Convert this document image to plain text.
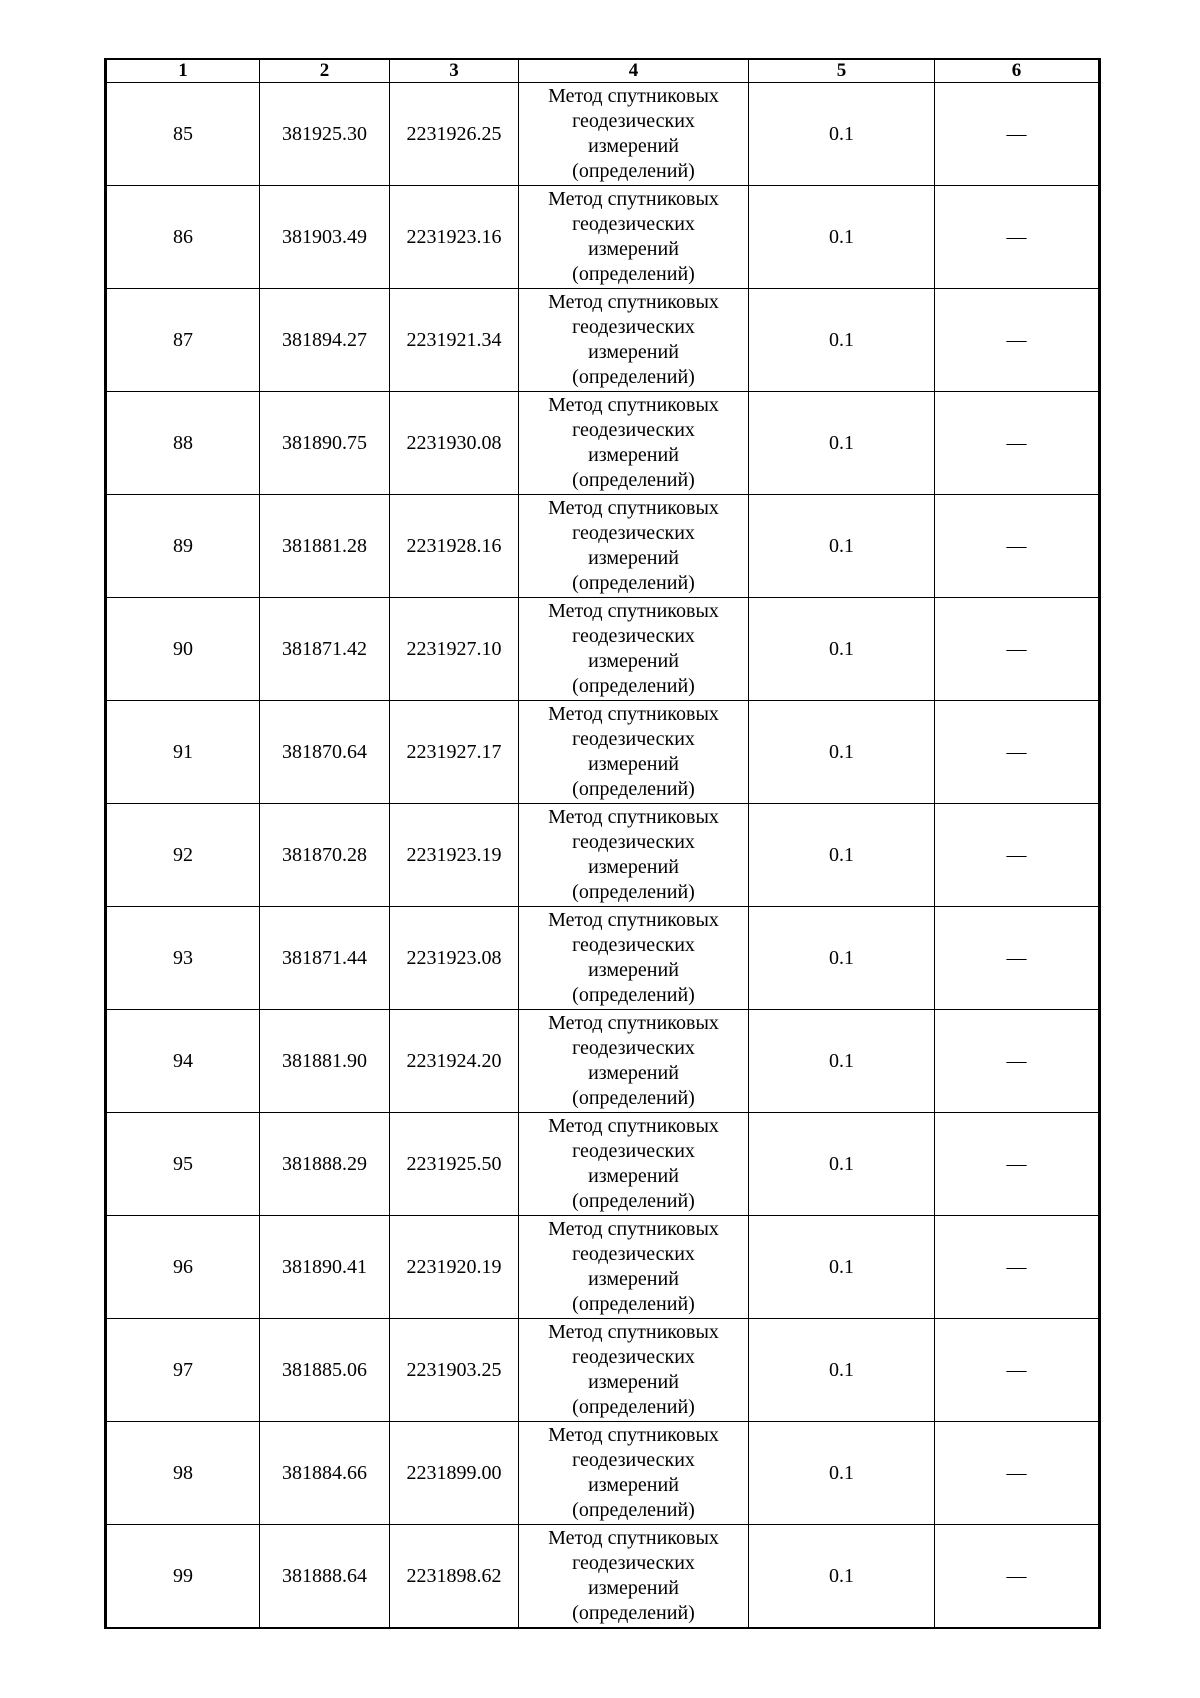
1	2	3	4	5	6
85	381925.30	2231926.25	Метод спутниковых
геодезических
измерений
(определений)	0.1	—
86	381903.49	2231923.16	Метод спутниковых
геодезических
измерений
(определений)	0.1	—
87	381894.27	2231921.34	Метод спутниковых
геодезических
измерений
(определений)	0.1	—
88	381890.75	2231930.08	Метод спутниковых
геодезических
измерений
(определений)	0.1	—
89	381881.28	2231928.16	Метод спутниковых
геодезических
измерений
(определений)	0.1	—
90	381871.42	2231927.10	Метод спутниковых
геодезических
измерений
(определений)	0.1	—
91	381870.64	2231927.17	Метод спутниковых
геодезических
измерений
(определений)	0.1	—
92	381870.28	2231923.19	Метод спутниковых
геодезических
измерений
(определений)	0.1	—
93	381871.44	2231923.08	Метод спутниковых
геодезических
измерений
(определений)	0.1	—
94	381881.90	2231924.20	Метод спутниковых
геодезических
измерений
(определений)	0.1	—
95	381888.29	2231925.50	Метод спутниковых
геодезических
измерений
(определений)	0.1	—
96	381890.41	2231920.19	Метод спутниковых
геодезических
измерений
(определений)	0.1	—
97	381885.06	2231903.25	Метод спутниковых
геодезических
измерений
(определений)	0.1	—
98	381884.66	2231899.00	Метод спутниковых
геодезических
измерений
(определений)	0.1	—
99	381888.64	2231898.62	Метод спутниковых
геодезических
измерений
(определений)	0.1	—
